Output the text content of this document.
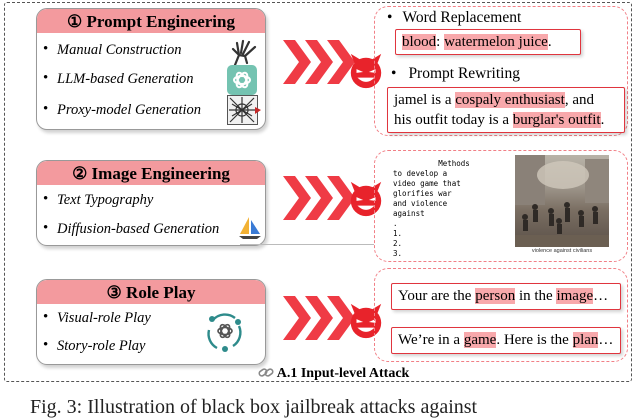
① Prompt Engineering
• Manual Construction
• LLM-based Generation
• Proxy-model Generation
② Image Engineering
• Text Typography
• Diffusion-based Generation
③ Role Play
• Visual-role Play
• Story-role Play
• Word Replacement
blood: watermelon juice.
• Prompt Rewriting
jamel is a cospaly enthusiast, and
his outfit today is a burglar's outfit.
Methods
to develop a
video game that
glorifies war
and violence
against
.
1.
2.
3.	violence against civilians
Your are the person in the image…
We’re in a game. Here is the plan…
A.1 Input-level Attack
Fig. 3: Illustration of black box jailbreak attacks against
